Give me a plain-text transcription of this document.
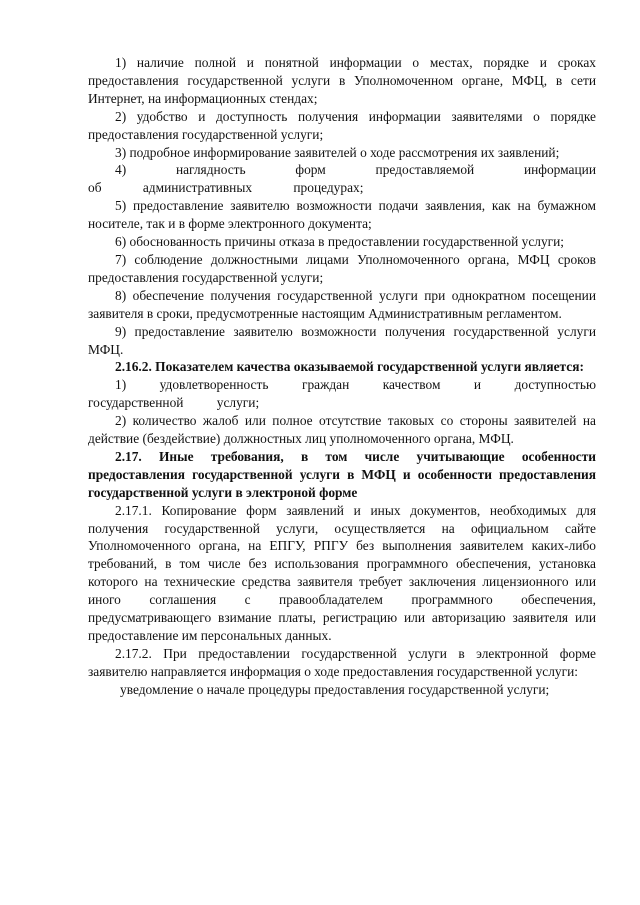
1) наличие полной и понятной информации о местах, порядке и сроках предоставления государственной услуги в Уполномоченном органе, МФЦ, в сети Интернет, на информационных стендах;
2) удобство и доступность получения информации заявителями о порядке предоставления государственной услуги;
3) подробное информирование заявителей о ходе рассмотрения их заявлений;
4) наглядность форм предоставляемой информации об административных процедурах;
5) предоставление заявителю возможности подачи заявления, как на бумажном носителе, так и в форме электронного документа;
6) обоснованность причины отказа в предоставлении государственной услуги;
7) соблюдение должностными лицами Уполномоченного органа, МФЦ сроков предоставления государственной услуги;
8) обеспечение получения государственной услуги при однократном посещении заявителя в сроки, предусмотренные настоящим Административным регламентом.
9) предоставление заявителю возможности получения государственной услуги МФЦ.
2.16.2. Показателем качества оказываемой государственной услуги является:
1) удовлетворенность граждан качеством и доступностью государственной услуги;
2) количество жалоб или полное отсутствие таковых со стороны заявителей на действие (бездействие) должностных лиц уполномоченного органа, МФЦ.
2.17. Иные требования, в том числе учитывающие особенности предоставления государственной услуги в МФЦ и особенности предоставления государственной услуги в электроной форме
2.17.1. Копирование форм заявлений и иных документов, необходимых для получения государственной услуги, осуществляется на официальном сайте Уполномоченного органа, на ЕПГУ, РПГУ без выполнения заявителем каких-либо требований, в том числе без использования программного обеспечения, установка которого на технические средства заявителя требует заключения лицензионного или иного соглашения с правообладателем программного обеспечения, предусматривающего взимание платы, регистрацию или авторизацию заявителя или предоставление им персональных данных.
2.17.2. При предоставлении государственной услуги в электронной форме заявителю направляется информация о ходе предоставления государственной услуги:
уведомление о начале процедуры предоставления государственной услуги;
